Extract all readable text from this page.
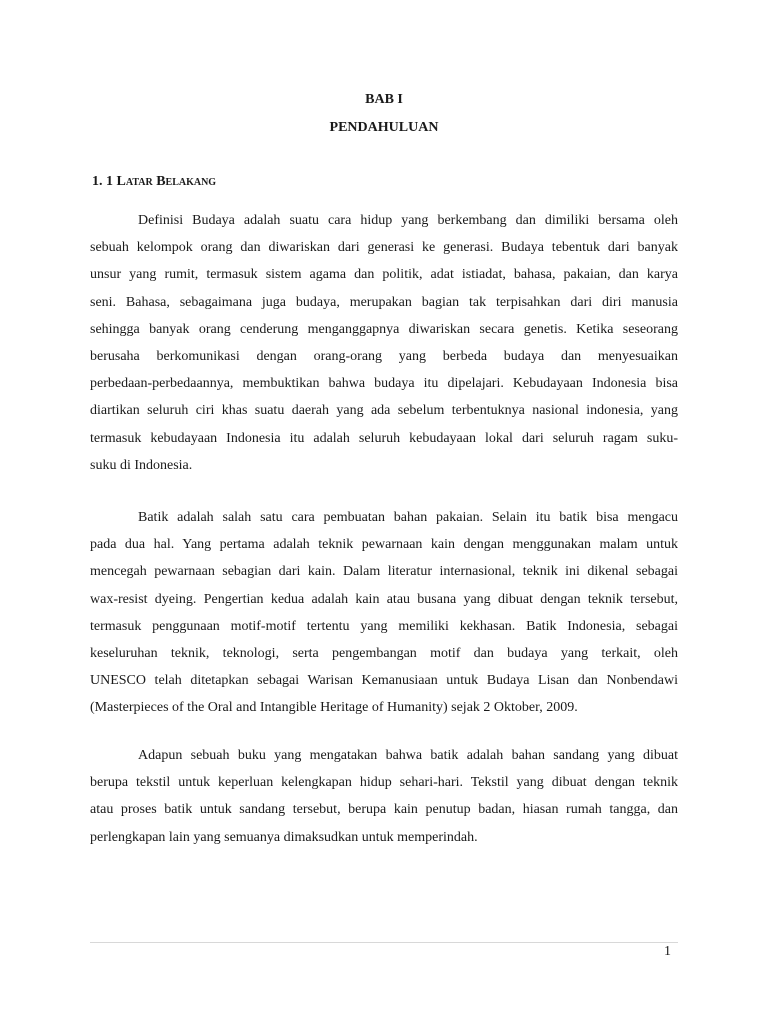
BAB I
PENDAHULUAN
1. 1 Latar Belakang
Definisi Budaya adalah suatu cara hidup yang berkembang dan dimiliki bersama oleh
sebuah kelompok orang dan diwariskan dari generasi ke generasi. Budaya tebentuk dari banyak
unsur yang rumit, termasuk sistem agama dan politik, adat istiadat, bahasa, pakaian, dan karya
seni. Bahasa, sebagaimana juga budaya, merupakan bagian tak terpisahkan dari diri manusia
sehingga banyak orang cenderung menganggapnya diwariskan secara genetis. Ketika seseorang
berusaha berkomunikasi dengan orang-orang yang berbeda budaya dan menyesuaikan
perbedaan-perbedaannya, membuktikan bahwa budaya itu dipelajari. Kebudayaan Indonesia bisa
diartikan seluruh ciri khas suatu daerah yang ada sebelum terbentuknya nasional indonesia, yang
termasuk kebudayaan Indonesia itu adalah seluruh kebudayaan lokal dari seluruh ragam suku-
suku di Indonesia.
Batik adalah salah satu cara pembuatan bahan pakaian. Selain itu batik bisa mengacu
pada dua hal. Yang pertama adalah teknik pewarnaan kain dengan menggunakan malam untuk
mencegah pewarnaan sebagian dari kain. Dalam literatur internasional, teknik ini dikenal sebagai
wax-resist dyeing. Pengertian kedua adalah kain atau busana yang dibuat dengan teknik tersebut,
termasuk penggunaan motif-motif tertentu yang memiliki kekhasan. Batik Indonesia, sebagai
keseluruhan teknik, teknologi, serta pengembangan motif dan budaya yang terkait, oleh
UNESCO telah ditetapkan sebagai Warisan Kemanusiaan untuk Budaya Lisan dan Nonbendawi
(Masterpieces of the Oral and Intangible Heritage of Humanity) sejak 2 Oktober, 2009.
Adapun sebuah buku yang mengatakan bahwa batik adalah bahan sandang yang dibuat
berupa tekstil untuk keperluan kelengkapan hidup sehari-hari. Tekstil yang dibuat dengan teknik
atau proses batik untuk sandang tersebut, berupa kain penutup badan, hiasan rumah tangga, dan
perlengkapan lain yang semuanya dimaksudkan untuk memperindah.
1
